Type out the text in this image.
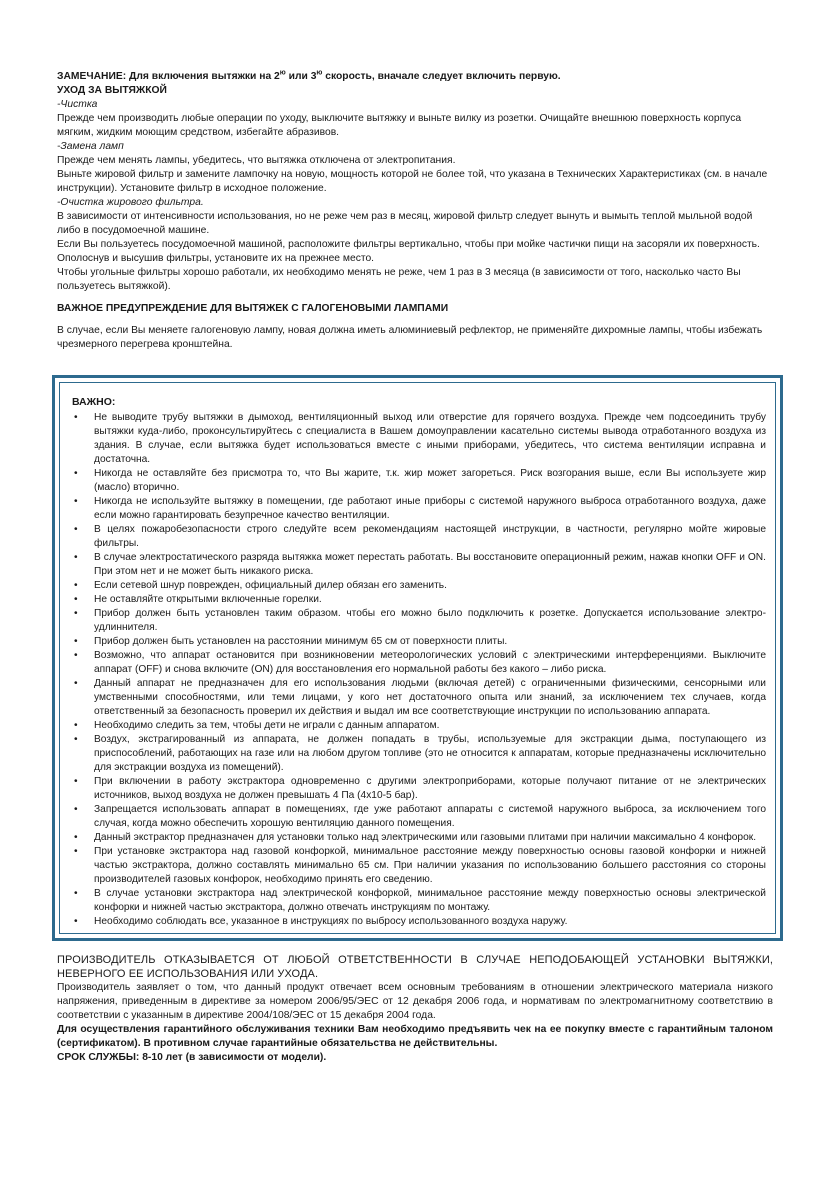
ЗАМЕЧАНИЕ: Для включения вытяжки на $2^ю$ или $3^ю$ скорость, вначале следует включить первую.

УХОД ЗА ВЫТЯЖКОЙ

-Чистка

Прежде чем производить любые операции по уходу, выключите вытяжку и выньте вилку из розетки. Очищайте внешнюю поверхность корпуса мягким, жидким моющим средством, избегайте абразивов.

-Замена ламп

Прежде чем менять лампы, убедитесь, что вытяжка отключена от электропитания.

Выньте жировой фильтр и замените лампочку на новую, мощность которой не более той, что указана в Технических Характеристиках (см. в начале инструкции). Установите фильтр в исходное положение.

-Очистка жирового фильтра.

В зависимости от интенсивности использования, но не реже чем раз в месяц, жировой фильтр следует вынуть и вымыть теплой мыльной водой либо в посудомоечной машине.

Если Вы пользуетесь посудомоечной машиной, расположите фильтры вертикально, чтобы при мойке частички пищи на засоряли их поверхность.

Ополоснув и высушив фильтры, установите их на прежнее место.

Чтобы угольные фильтры хорошо работали, их необходимо менять не реже, чем 1 раз в 3 месяца (в зависимости от того, насколько часто Вы пользуетесь вытяжкой).

ВАЖНОЕ ПРЕДУПРЕЖДЕНИЕ ДЛЯ ВЫТЯЖЕК С ГАЛОГЕНОВЫМИ ЛАМПАМИ

В случае, если Вы меняете галогеновую лампу, новая должна иметь алюминиевый рефлектор, не применяйте дихромные лампы, чтобы избежать чрезмерного перегрева кронштейна.

ВАЖНО:
• Не выводите трубу вытяжки в дымоход, вентиляционный выход или отверстие для горячего воздуха. Прежде чем подсоединить трубу вытяжки куда-либо, проконсультируйтесь с специалиста в Вашем домоуправлении касательно системы вывода отработанного воздуха из здания. В случае, если вытяжка будет использоваться вместе с иными приборами, убедитесь, что система вентиляции исправна и достаточна.
• Никогда не оставляйте без присмотра то, что Вы жарите, т.к. жир может загореться. Риск возгорания выше, если Вы используете жир (масло) вторично.
• Никогда не используйте вытяжку в помещении, где работают иные приборы с системой наружного выброса отработанного воздуха, даже если можно гарантировать безупречное качество вентиляции.
• В целях пожаробезопасности строго следуйте всем рекомендациям настоящей инструкции, в частности, регулярно мойте жировые фильтры.
• В случае электростатического разряда вытяжка может перестать работать. Вы восстановите операционный режим, нажав кнопки OFF и ON. При этом нет и не может быть никакого риска.
• Если сетевой шнур поврежден, официальный дилер обязан его заменить.
• Не оставляйте открытыми включенные горелки.
• Прибор должен быть установлен таким образом. чтобы его можно было подключить к розетке. Допускается использование электро-удлиннителя.
• Прибор должен быть установлен на расстоянии минимум 65 см от поверхности плиты.
• Возможно, что аппарат остановится при возникновении метеорологических условий с электрическими интерференциями. Выключите аппарат (OFF) и снова включите (ON) для восстановления его нормальной работы без какого – либо риска.
• Данный аппарат не предназначен для его использования людьми (включая детей) с ограниченными физическими, сенсорными или умственными способностями, или теми лицами, у кого нет достаточного опыта или знаний, за исключением тех случаев, когда ответственный за безопасность проверил их действия и выдал им все соответствующие инструкции по использованию аппарата.
• Необходимо следить за тем, чтобы дети не играли с данным аппаратом.
• Воздух, экстрагированный из аппарата, не должен попадать в трубы, используемые для экстракции дыма, поступающего из приспособлений, работающих на газе или на любом другом топливе (это не относится к аппаратам, которые предназначены исключительно для экстракции воздуха из помещений).
• При включении в работу экстрактора одновременно с другими электроприборами, которые получают питание от не электрических источников, выход воздуха не должен превышать 4 Па (4x10-5 бар).
• Запрещается использовать аппарат в помещениях, где уже работают аппараты с системой наружного выброса, за исключением того случая, когда можно обеспечить хорошую вентиляцию данного помещения.
• Данный экстрактор предназначен для установки только над электрическими или газовыми плитами при наличии максимально 4 конфорок.
• При установке экстрактора над газовой конфоркой, минимальное расстояние между поверхностью основы газовой конфорки и нижней частью экстрактора, должно составлять минимально 65 см. При наличии указания по использованию большего расстояния со стороны производителей газовых конфорок, необходимо принять его сведению.
• В случае установки экстрактора над электрической конфоркой, минимальное расстояние между поверхностью основы электрической конфорки и нижней частью экстрактора, должно отвечать инструкциям по монтажу.
• Необходимо соблюдать все, указанное в инструкциях по выбросу использованного воздуха наружу.

ПРОИЗВОДИТЕЛЬ ОТКАЗЫВАЕТСЯ ОТ ЛЮБОЙ ОТВЕТСТВЕННОСТИ В СЛУЧАЕ НЕПОДОБАЮЩЕЙ УСТАНОВКИ ВЫТЯЖКИ, НЕВЕРНОГО ЕЕ ИСПОЛЬЗОВАНИЯ ИЛИ УХОДА.

Производитель заявляет о том, что данный продукт отвечает всем основным требованиям в отношении электрического материала низкого напряжения, приведенным в директиве за номером 2006/95/ЭЕС от 12 декабря 2006 года, и нормативам по электромагнитному соответствию в соответствии с указанным в директиве 2004/108/ЭЕС от 15 декабря 2004 года.

Для осуществления гарантийного обслуживания техники Вам необходимо предъявить чек на ее покупку вместе с гарантийным талоном (сертификатом). В противном случае гарантийные обязательства не действительны.

СРОК СЛУЖБЫ: 8-10 лет (в зависимости от модели).
